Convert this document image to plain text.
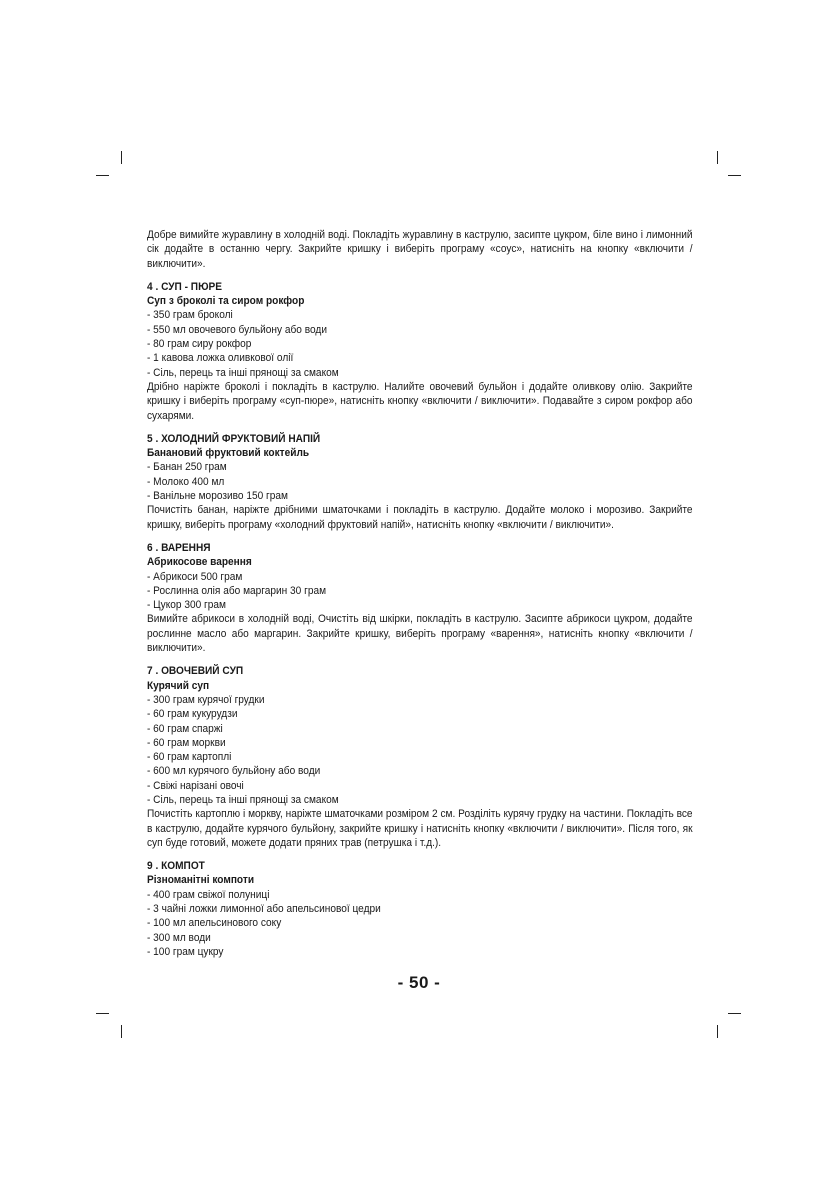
Добре вимийте журавлину в холодній воді. Покладіть журавлину в каструлю, засипте цукром, біле вино і лимонний сік додайте в останню чергу. Закрийте кришку і виберіть програму «соус», натисніть на кнопку «включити / виключити».

4 . СУП - ПЮРЕ

Суп з броколі та сиром рокфор

- 350 грам броколі
- 550 мл овочевого бульйону або води
- 80 грам сиру рокфор
- 1 кавова ложка оливкової олії
- Сіль, перець та інші прянощі за смаком

Дрібно наріжте броколі і покладіть в каструлю. Налийте овочевий бульйон і додайте оливкову олію. Закрийте кришку і виберіть програму «суп-пюре», натисніть кнопку «включити / виключити». Подавайте з сиром рокфор або сухарями.

5 . ХОЛОДНИЙ ФРУКТОВИЙ НАПІЙ

Банановий фруктовий коктейль

- Банан 250 грам
- Молоко 400 мл
- Ванільне морозиво 150 грам

Почистіть банан, наріжте дрібними шматочками і покладіть в каструлю. Додайте молоко і морозиво. Закрийте кришку, виберіть програму «холодний фруктовий напій», натисніть кнопку «включити / виключити».

6 . ВАРЕННЯ

Абрикосове варення

- Абрикоси 500 грам
- Рослинна олія або маргарин 30 грам
- Цукор 300 грам

Вимийте абрикоси в холодній воді, Очистіть від шкірки, покладіть в каструлю. Засипте абрикоси цукром, додайте рослинне масло або маргарин. Закрийте кришку, виберіть програму «варення», натисніть кнопку «включити / виключити».

7 . ОВОЧЕВИЙ СУП

Курячий суп

- 300 грам курячої грудки
- 60 грам кукурудзи
- 60 грам спаржі
- 60 грам моркви
- 60 грам картоплі
- 600 мл курячого бульйону або води
- Свіжі нарізані овочі
- Сіль, перець та інші прянощі за смаком

Почистіть картоплю і моркву, наріжте шматочками розміром 2 см. Розділіть курячу грудку на частини. Покладіть все в каструлю, додайте курячого бульйону, закрийте кришку і натисніть кнопку «включити / виключити». Після того, як суп буде готовий, можете додати пряних трав (петрушка і т.д.).

9 . КОМПОТ

Різноманітні компоти

- 400 грам свіжої полуниці
- 3 чайні ложки лимонної або апельсинової цедри
- 100 мл апельсинового соку
- 300 мл води
- 100 грам цукру
- 50 -
